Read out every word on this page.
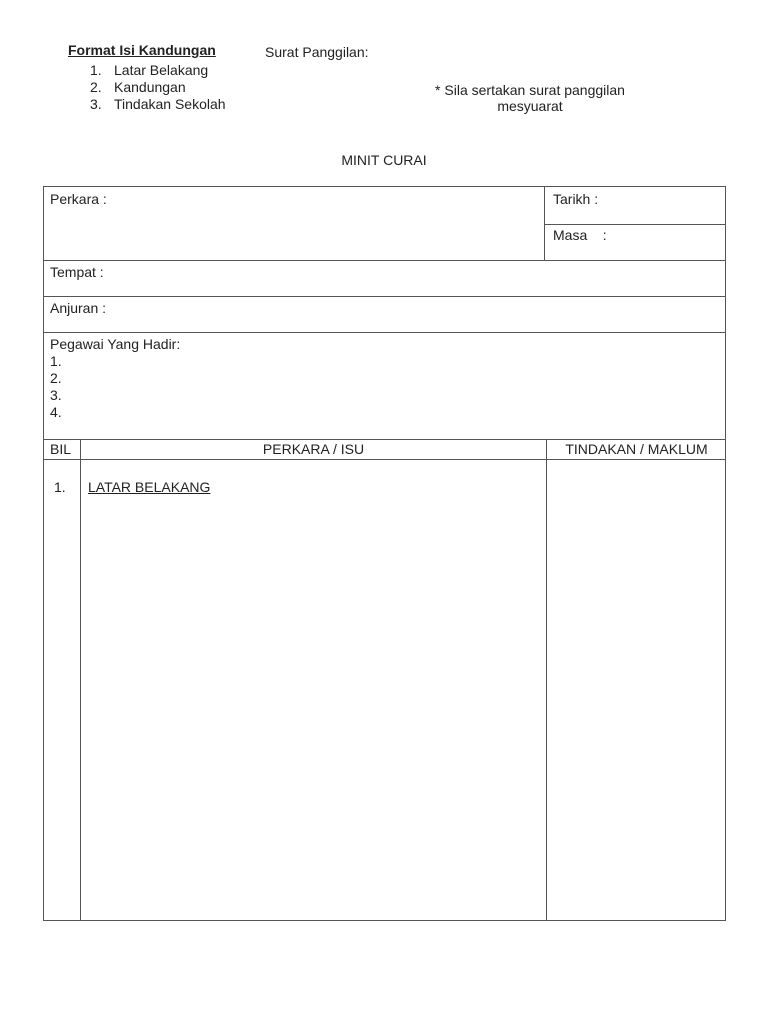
Format Isi Kandungan
1. Latar Belakang
2. Kandungan
3. Tindakan Sekolah
Surat Panggilan:
* Sila sertakan surat panggilan
mesyuarat
MINIT CURAI
Perkara :	Tarikh :
Masa    :
Tempat :
Anjuran :
Pegawai Yang Hadir:
1.
2.
3.
4.
BIL	PERKARA / ISU	TINDAKAN / MAKLUM
1. LATAR BELAKANG
